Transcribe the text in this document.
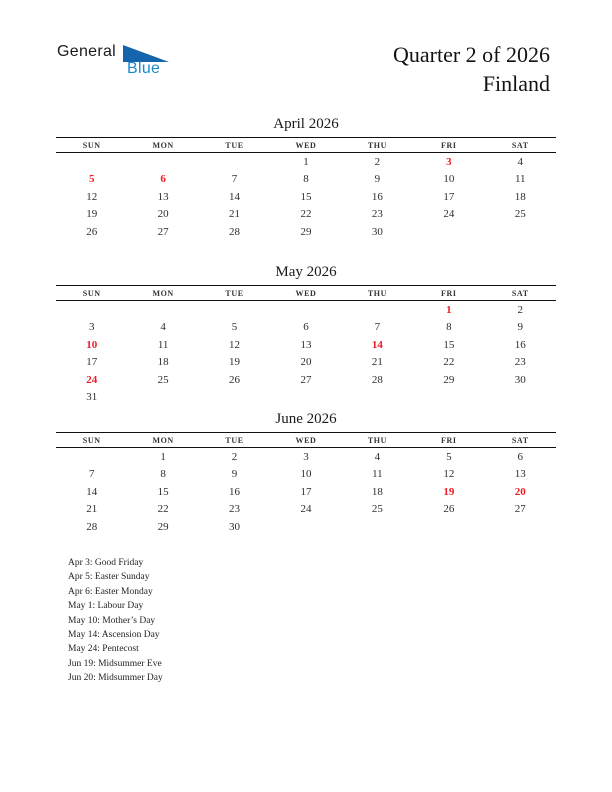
General
Blue
Quarter 2 of 2026
Finland
April 2026
SUN	MON	TUE	WED	THU	FRI	SAT
			1	2	3	4
5	6	7	8	9	10	11
12	13	14	15	16	17	18
19	20	21	22	23	24	25
26	27	28	29	30		
May 2026
SUN	MON	TUE	WED	THU	FRI	SAT
					1	2
3	4	5	6	7	8	9
10	11	12	13	14	15	16
17	18	19	20	21	22	23
24	25	26	27	28	29	30
31						
June 2026
SUN	MON	TUE	WED	THU	FRI	SAT
	1	2	3	4	5	6
7	8	9	10	11	12	13
14	15	16	17	18	19	20
21	22	23	24	25	26	27
28	29	30				
Apr 3: Good Friday
Apr 5: Easter Sunday
Apr 6: Easter Monday
May 1: Labour Day
May 10: Mother’s Day
May 14: Ascension Day
May 24: Pentecost
Jun 19: Midsummer Eve
Jun 20: Midsummer Day
